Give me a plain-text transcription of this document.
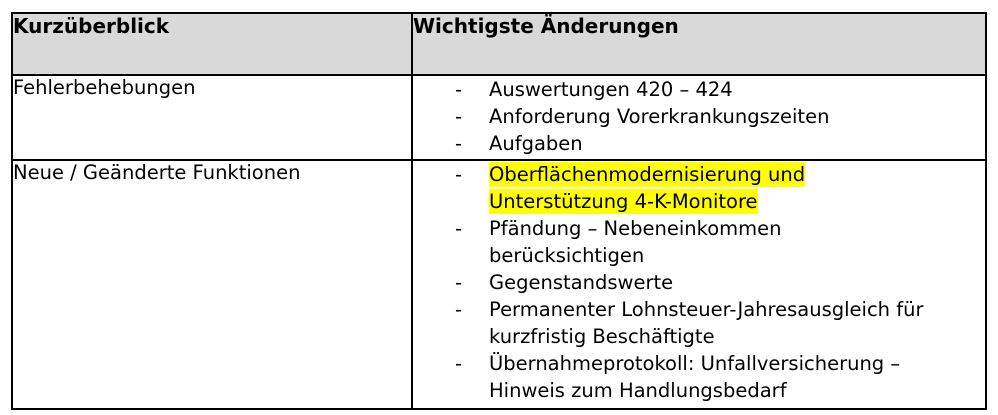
Kurzüberblick	Wichtigste Änderungen
Fehlerbehebungen	-	Auswertungen 420 – 424
-	Anforderung Vorerkrankungszeiten
-	Aufgaben

Neue / Geänderte Funktionen	-	Oberflächenmodernisierung und
Unterstützung 4-K-Monitore
-	Pfändung – Nebeneinkommen
berücksichtigen
-	Gegenstandswerte
-	Permanenter Lohnsteuer-Jahresausgleich für
kurzfristig Beschäftigte
-	Übernahmeprotokoll: Unfallversicherung –
Hinweis zum Handlungsbedarf
